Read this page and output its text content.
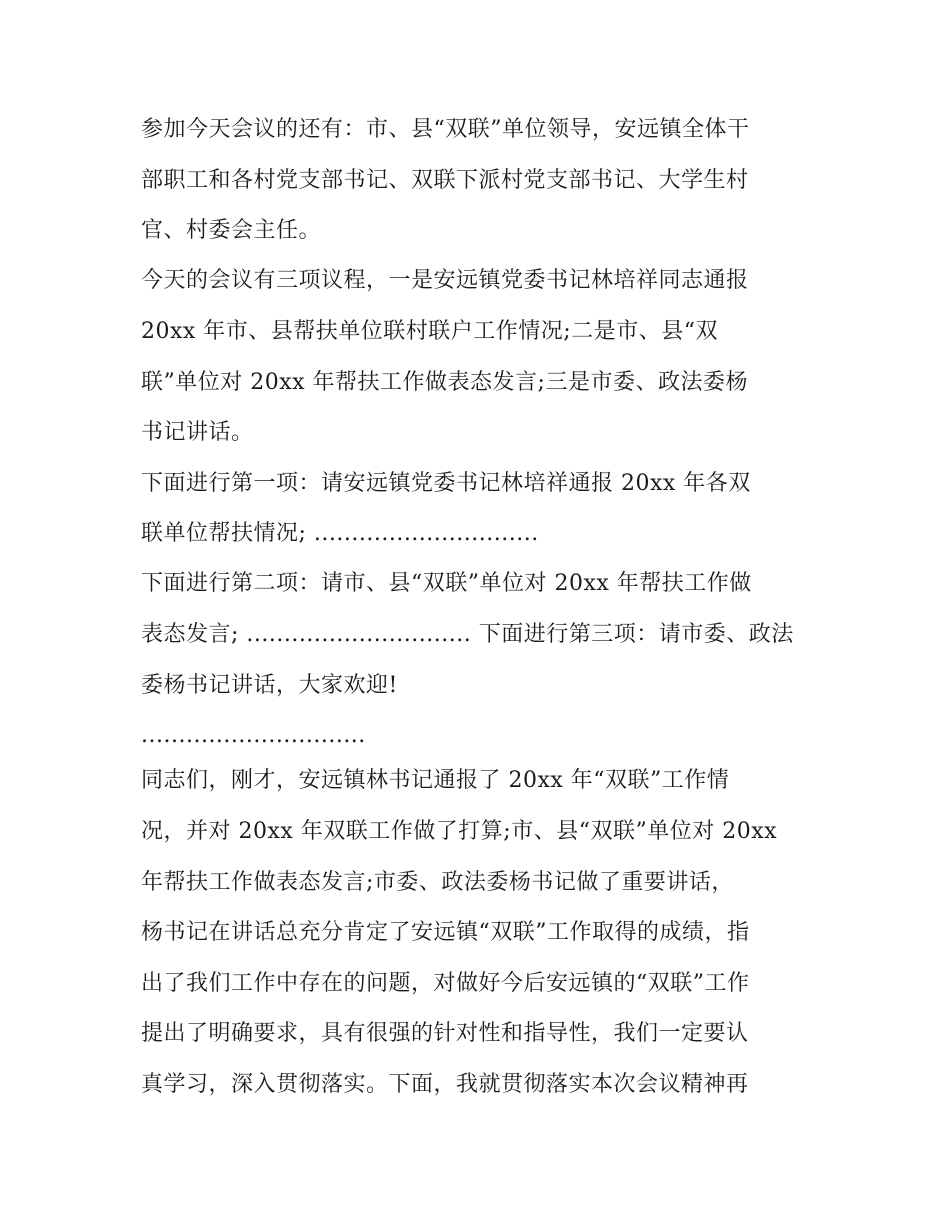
参加今天会议的还有：市、县“双联”单位领导，安远镇全体干

部职工和各村党支部书记、双联下派村党支部书记、大学生村

官、村委会主任。

今天的会议有三项议程，一是安远镇党委书记林培祥同志通报

20xx 年市、县帮扶单位联村联户工作情况;二是市、县“双

联”单位对 20xx 年帮扶工作做表态发言;三是市委、政法委杨

书记讲话。

下面进行第一项：请安远镇党委书记林培祥通报 20xx 年各双

联单位帮扶情况; ..............................

下面进行第二项：请市、县“双联”单位对 20xx 年帮扶工作做

表态发言; .............................. 下面进行第三项：请市委、政法

委杨书记讲话，大家欢迎!

..............................

同志们，刚才，安远镇林书记通报了 20xx 年“双联”工作情

况，并对 20xx 年双联工作做了打算;市、县“双联”单位对 20xx

年帮扶工作做表态发言;市委、政法委杨书记做了重要讲话，

杨书记在讲话总充分肯定了安远镇“双联”工作取得的成绩，指

出了我们工作中存在的问题，对做好今后安远镇的“双联”工作

提出了明确要求，具有很强的针对性和指导性，我们一定要认

真学习，深入贯彻落实。下面，我就贯彻落实本次会议精神再
